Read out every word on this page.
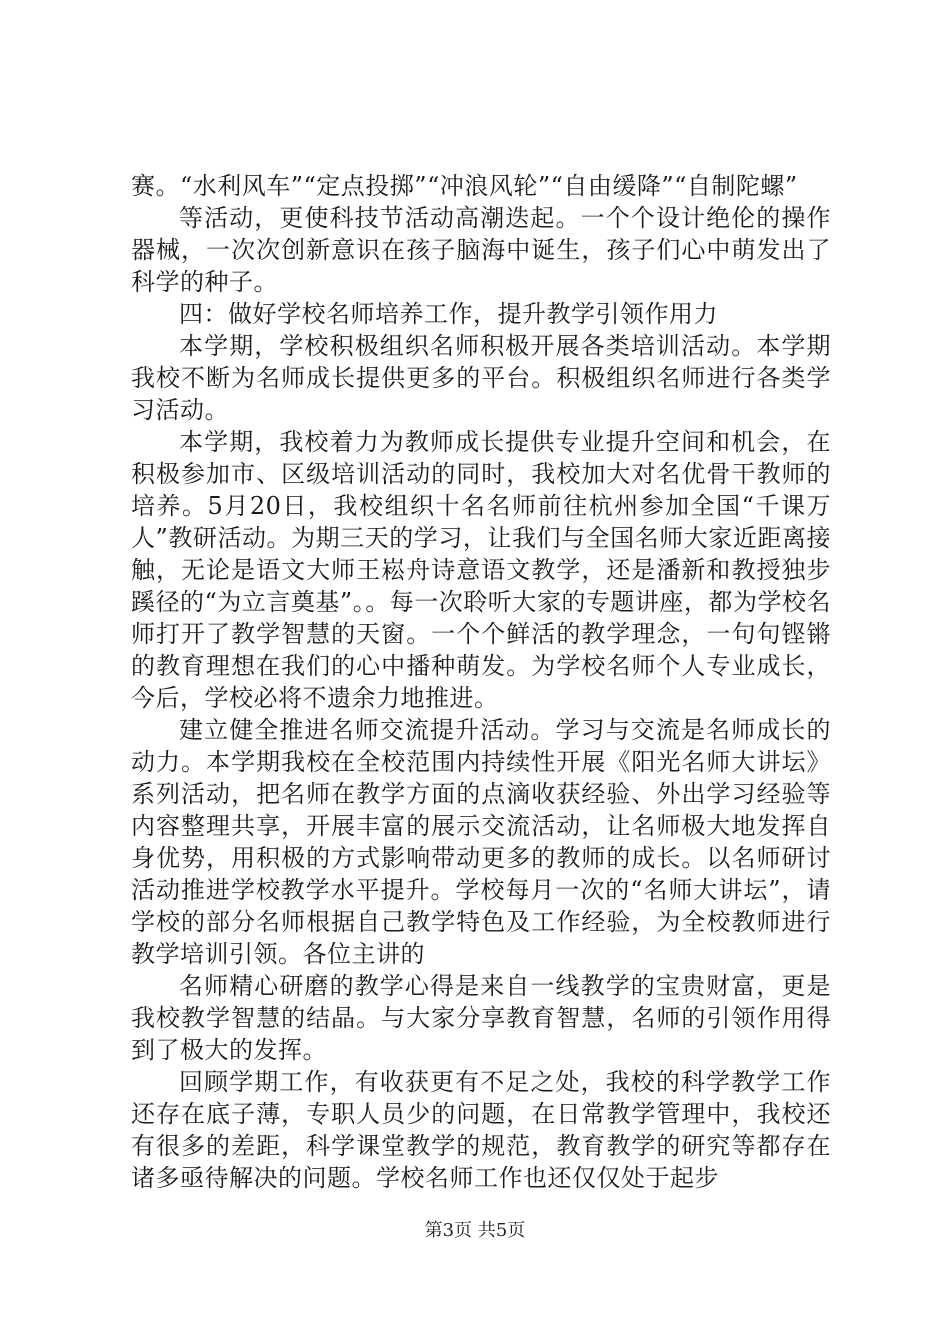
赛。“水利风车”“定点投掷”“冲浪风轮”“自由缓降”“自制陀螺”

等活动，更使科技节活动高潮迭起。一个个设计绝伦的操作器械，一次次创新意识在孩子脑海中诞生，孩子们心中萌发出了科学的种子。

四：做好学校名师培养工作，提升教学引领作用力

本学期，学校积极组织名师积极开展各类培训活动。本学期我校不断为名师成长提供更多的平台。积极组织名师进行各类学习活动。

本学期，我校着力为教师成长提供专业提升空间和机会，在积极参加市、区级培训活动的同时，我校加大对名优骨干教师的培养。5月20日，我校组织十名名师前往杭州参加全国“千课万人”教研活动。为期三天的学习，让我们与全国名师大家近距离接触，无论是语文大师王崧舟诗意语文教学，还是潘新和教授独步蹊径的“为立言奠基”。。每一次聆听大家的专题讲座，都为学校名师打开了教学智慧的天窗。一个个鲜活的教学理念，一句句铿锵的教育理想在我们的心中播种萌发。为学校名师个人专业成长，今后，学校必将不遗余力地推进。

建立健全推进名师交流提升活动。学习与交流是名师成长的动力。本学期我校在全校范围内持续性开展《阳光名师大讲坛》系列活动，把名师在教学方面的点滴收获经验、外出学习经验等内容整理共享，开展丰富的展示交流活动，让名师极大地发挥自身优势，用积极的方式影响带动更多的教师的成长。以名师研讨活动推进学校教学水平提升。学校每月一次的“名师大讲坛”，请学校的部分名师根据自己教学特色及工作经验，为全校教师进行教学培训引领。各位主讲的

名师精心研磨的教学心得是来自一线教学的宝贵财富，更是我校教学智慧的结晶。与大家分享教育智慧，名师的引领作用得到了极大的发挥。

回顾学期工作，有收获更有不足之处，我校的科学教学工作还存在底子薄，专职人员少的问题，在日常教学管理中，我校还有很多的差距，科学课堂教学的规范，教育教学的研究等都存在诸多亟待解决的问题。学校名师工作也还仅仅处于起步

第3页 共5页
